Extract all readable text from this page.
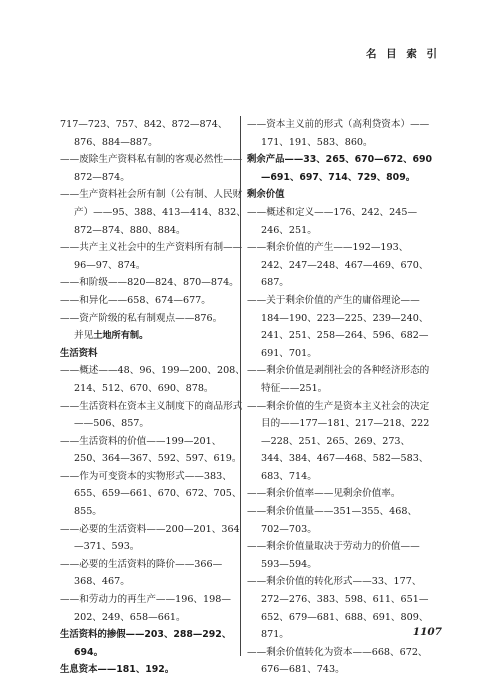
名 目 索 引

717—723、757、842、872—874、876、884—887。

——废除生产资料私有制的客观必然性——872—874。

——生产资料社会所有制（公有制、人民财产）——95、388、413—414、832、872—874、880、884。

——共产主义社会中的生产资料所有制——96—97、874。

——和阶级——820—824、870—874。

——和异化——658、674—677。

——资产阶级的私有制观点——876。

并见土地所有制。

生活资料

——概述——48、96、199—200、208、214、512、670、690、878。

——生活资料在资本主义制度下的商品形式——506、857。

——生活资料的价值——199—201、250、364—367、592、597、619。

——作为可变资本的实物形式——383、655、659—661、670、672、705、855。

——必要的生活资料——200—201、364—371、593。

——必要的生活资料的降价——366—368、467。

——和劳动力的再生产——196、198—202、249、658—661。

生活资料的掺假——203、288—292、694。

生息资本——181、192。

——资本主义前的形式（高利贷资本）——171、191、583、860。

剩余产品——33、265、670—672、690—691、697、714、729、809。

剩余价值

——概述和定义——176、242、245—246、251。

——剩余价值的产生——192—193、242、247—248、467—469、670、687。

——关于剩余价值的产生的庸俗理论——184—190、223—225、239—240、241、251、258—264、596、682—691、701。

——剩余价值是剥削社会的各种经济形态的特征——251。

——剩余价值的生产是资本主义社会的决定目的——177—181、217—218、222—228、251、265、269、273、344、384、467—468、582—583、683、714。

——剩余价值率——见剩余价值率。

——剩余价值量——351—355、468、702—703。

——剩余价值量取决于劳动力的价值——593—594。

——剩余价值的转化形式——33、177、272—276、383、598、611、651—652、679—681、688、691、809、871。

——剩余价值转化为资本——668、672、676—681、743。

1107
